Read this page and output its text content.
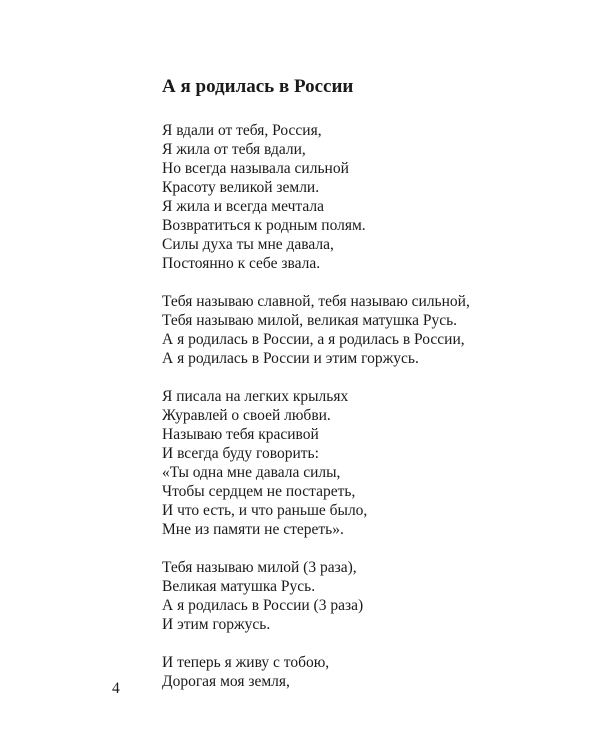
А я родилась в России

Я вдали от тебя, Россия,
Я жила от тебя вдали,
Но всегда называла сильной
Красоту великой земли.
Я жила и всегда мечтала
Возвратиться к родным полям.
Силы духа ты мне давала,
Постоянно к себе звала.

Тебя называю славной, тебя называю сильной,
Тебя называю милой, великая матушка Русь.
А я родилась в России, а я родилась в России,
А я родилась в России и этим горжусь.

Я писала на легких крыльях
Журавлей о своей любви.
Называю тебя красивой
И всегда буду говорить:
«Ты одна мне давала силы,
Чтобы сердцем не постареть,
И что есть, и что раньше было,
Мне из памяти не стереть».

Тебя называю милой (3 раза),
Великая матушка Русь.
А я родилась в России (3 раза)
И этим горжусь.

И теперь я живу с тобою,
Дорогая моя земля,

4
